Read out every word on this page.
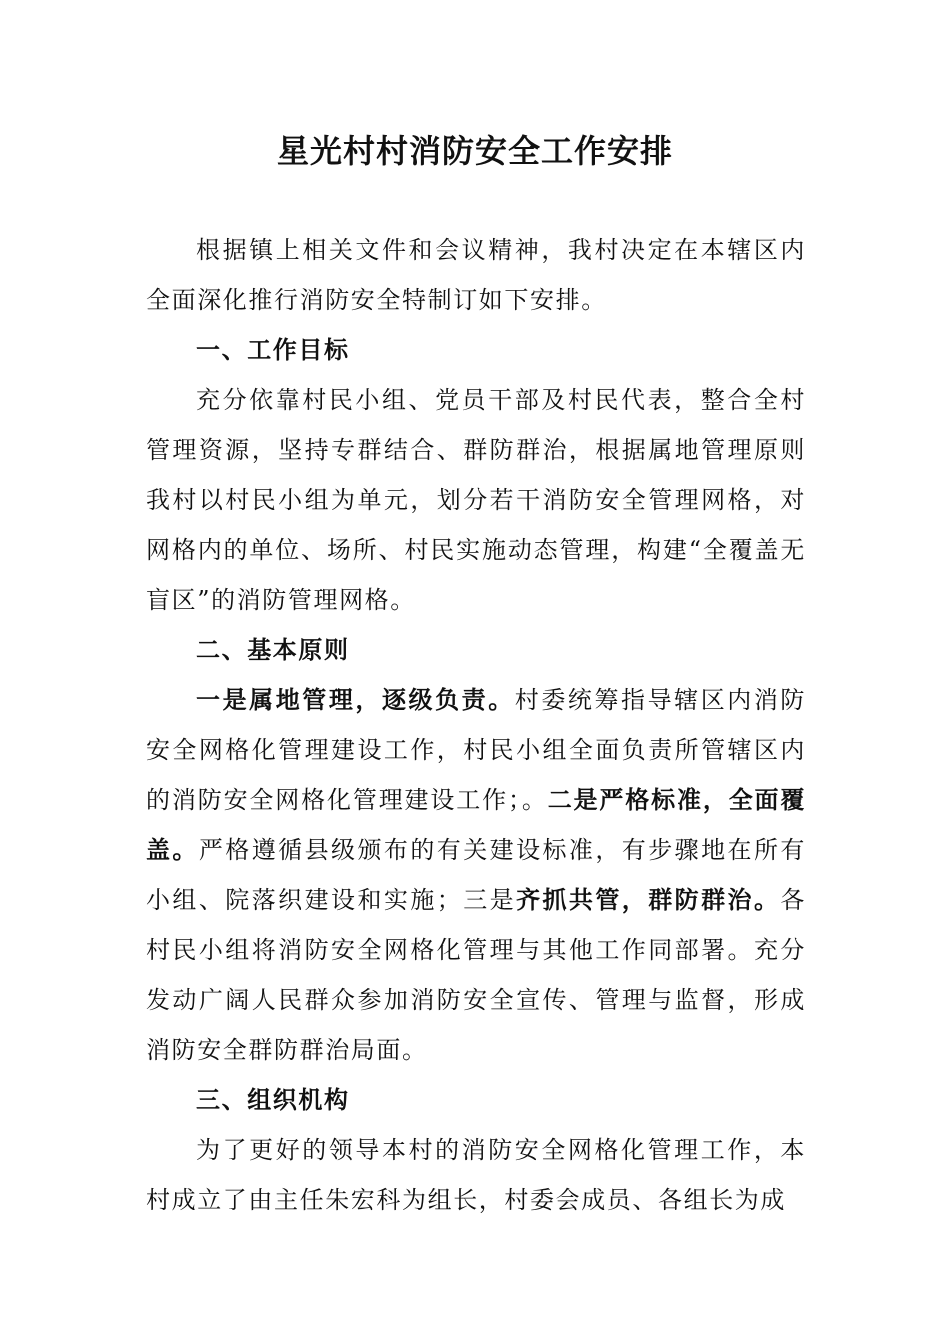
星光村村消防安全工作安排

根据镇上相关文件和会议精神，我村决定在本辖区内全面深化推行消防安全特制订如下安排。

一、工作目标

充分依靠村民小组、党员干部及村民代表，整合全村管理资源，坚持专群结合、群防群治，根据属地管理原则我村以村民小组为单元，划分若干消防安全管理网格，对网格内的单位、场所、村民实施动态管理，构建“全覆盖无盲区”的消防管理网格。

二、基本原则

一是属地管理，逐级负责。村委统筹指导辖区内消防安全网格化管理建设工作，村民小组全面负责所管辖区内的消防安全网格化管理建设工作；。二是严格标准，全面覆盖。严格遵循县级颁布的有关建设标准，有步骤地在所有小组、院落织建设和实施；三是齐抓共管，群防群治。各村民小组将消防安全网格化管理与其他工作同部署。充分发动广阔人民群众参加消防安全宣传、管理与监督，形成消防安全群防群治局面。

三、组织机构

为了更好的领导本村的消防安全网格化管理工作，本村成立了由主任朱宏科为组长，村委会成员、各组长为成
